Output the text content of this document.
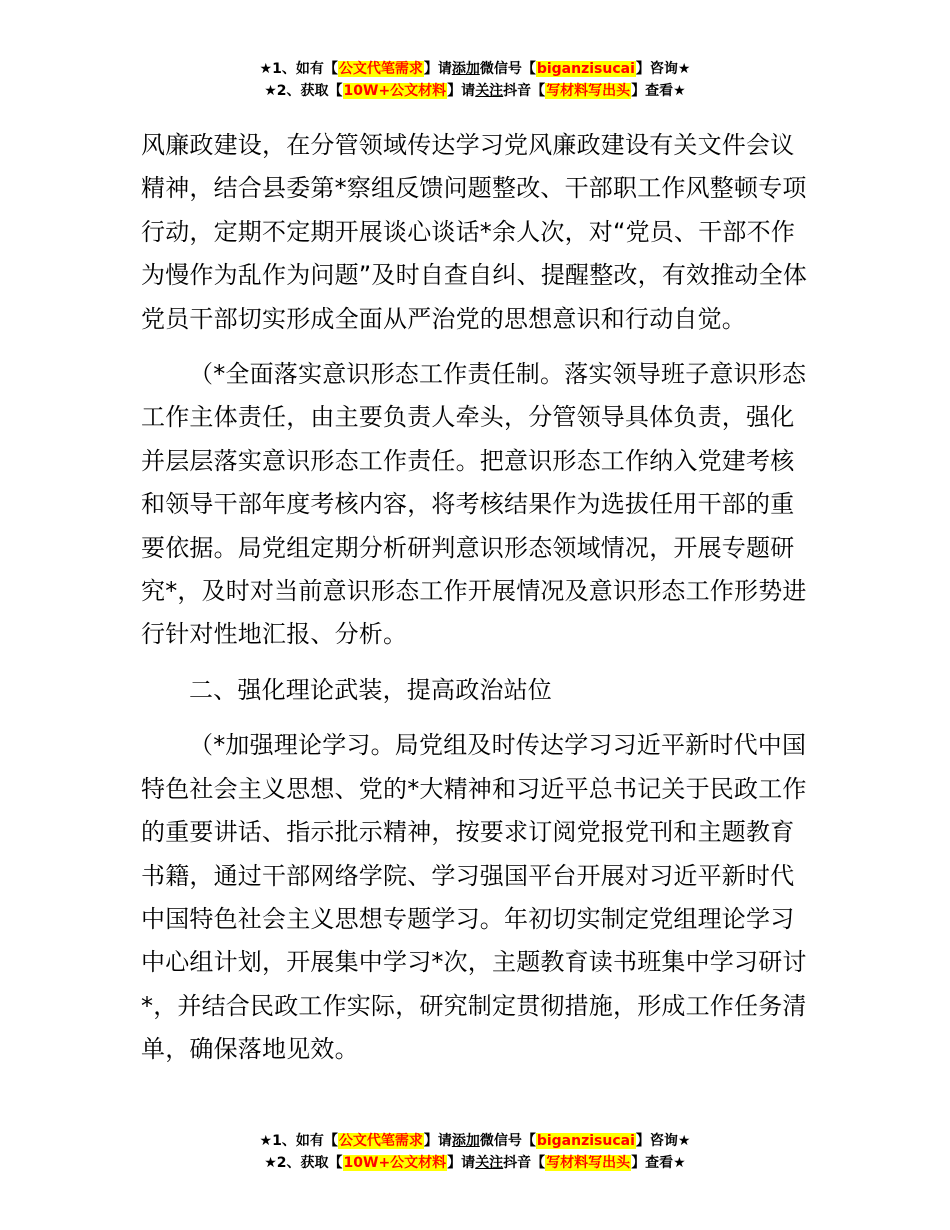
★1、如有【公文代笔需求】请添加微信号【biganzisucai】咨询★
★2、获取【10W+公文材料】请关注抖音【写材料写出头】查看★

风廉政建设，在分管领域传达学习党风廉政建设有关文件会议精神，结合县委第*察组反馈问题整改、干部职工作风整顿专项行动，定期不定期开展谈心谈话*余人次，对“党员、干部不作为慢作为乱作为问题”及时自查自纠、提醒整改，有效推动全体党员干部切实形成全面从严治党的思想意识和行动自觉。

（*全面落实意识形态工作责任制。落实领导班子意识形态工作主体责任，由主要负责人牵头，分管领导具体负责，强化并层层落实意识形态工作责任。把意识形态工作纳入党建考核和领导干部年度考核内容，将考核结果作为选拔任用干部的重要依据。局党组定期分析研判意识形态领域情况，开展专题研究*，及时对当前意识形态工作开展情况及意识形态工作形势进行针对性地汇报、分析。

二、强化理论武装，提高政治站位

（*加强理论学习。局党组及时传达学习习近平新时代中国特色社会主义思想、党的*大精神和习近平总书记关于民政工作的重要讲话、指示批示精神，按要求订阅党报党刊和主题教育书籍，通过干部网络学院、学习强国平台开展对习近平新时代中国特色社会主义思想专题学习。年初切实制定党组理论学习中心组计划，开展集中学习*次，主题教育读书班集中学习研讨*，并结合民政工作实际，研究制定贯彻措施，形成工作任务清单，确保落地见效。

★1、如有【公文代笔需求】请添加微信号【biganzisucai】咨询★
★2、获取【10W+公文材料】请关注抖音【写材料写出头】查看★
